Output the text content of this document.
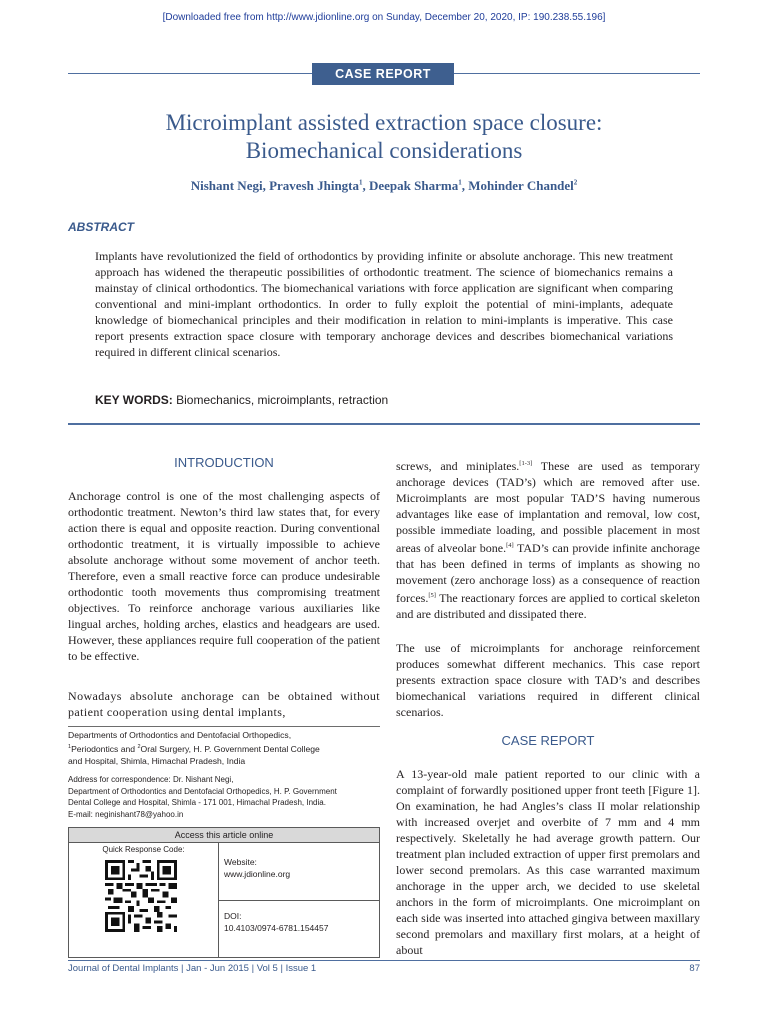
[Downloaded free from http://www.jdionline.org on Sunday, December 20, 2020, IP: 190.238.55.196]
CASE REPORT
Microimplant assisted extraction space closure:
Biomechanical considerations
Nishant Negi, Pravesh Jhingta$^1$, Deepak Sharma$^1$, Mohinder Chandel$^2$
ABSTRACT
Implants have revolutionized the field of orthodontics by providing infinite or absolute anchorage. This new treatment approach has widened the therapeutic possibilities of orthodontic treatment. The science of biomechanics remains a mainstay of clinical orthodontics. The biomechanical variations with force application are significant when comparing conventional and mini-implant orthodontics. In order to fully exploit the potential of mini-implants, adequate knowledge of biomechanical principles and their modification in relation to mini-implants is imperative. This case report presents extraction space closure with temporary anchorage devices and describes biomechanical variations required in different clinical scenarios.
KEY WORDS: Biomechanics, microimplants, retraction
INTRODUCTION
Anchorage control is one of the most challenging aspects of orthodontic treatment. Newton’s third law states that, for every action there is equal and opposite reaction. During conventional orthodontic treatment, it is virtually impossible to achieve absolute anchorage without some movement of anchor teeth. Therefore, even a small reactive force can produce undesirable orthodontic tooth movements thus compromising treatment objectives. To reinforce anchorage various auxiliaries like lingual arches, holding arches, elastics and headgears are used. However, these appliances require full cooperation of the patient to be effective.
Nowadays absolute anchorage can be obtained without patient cooperation using dental implants,
Departments of Orthodontics and Dentofacial Orthopedics,
$^1$Periodontics and $^2$Oral Surgery, H. P. Government Dental College
and Hospital, Shimla, Himachal Pradesh, India
Address for correspondence: Dr. Nishant Negi,
Department of Orthodontics and Dentofacial Orthopedics, H. P. Government
Dental College and Hospital, Shimla - 171 001, Himachal Pradesh, India.
E-mail: neginishant78@yahoo.in
Access this article online
Quick Response Code:
Website:
www.jdionline.org
DOI:
10.4103/0974-6781.154457
screws, and miniplates.[1-3] These are used as temporary anchorage devices (TAD’s) which are removed after use. Microimplants are most popular TAD’S having numerous advantages like ease of implantation and removal, low cost, possible immediate loading, and possible placement in most areas of alveolar bone.[4] TAD’s can provide infinite anchorage that has been defined in terms of implants as showing no movement (zero anchorage loss) as a consequence of reaction forces.[5] The reactionary forces are applied to cortical skeleton and are distributed and dissipated there.
The use of microimplants for anchorage reinforcement produces somewhat different mechanics. This case report presents extraction space closure with TAD’s and describes biomechanical variations required in different clinical scenarios.
CASE REPORT
A 13-year-old male patient reported to our clinic with a complaint of forwardly positioned upper front teeth [Figure 1]. On examination, he had Angles’s class II molar relationship with increased overjet and overbite of 7 mm and 4 mm respectively. Skeletally he had average growth pattern. Our treatment plan included extraction of upper first premolars and lower second premolars. As this case warranted maximum anchorage in the upper arch, we decided to use skeletal anchors in the form of microimplants. One microimplant on each side was inserted into attached gingiva between maxillary second premolars and maxillary first molars, at a height of about
Journal of Dental Implants | Jan - Jun 2015 | Vol 5 | Issue 1	87
